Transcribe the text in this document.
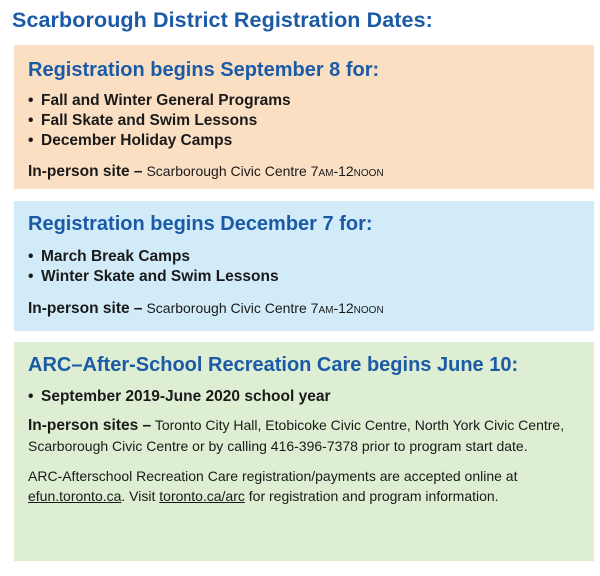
Scarborough District Registration Dates:
Registration begins September 8 for:
• Fall and Winter General Programs
• Fall Skate and Swim Lessons
• December Holiday Camps
In-person site – Scarborough Civic Centre 7AM-12NOON
Registration begins December 7 for:
• March Break Camps
• Winter Skate and Swim Lessons
In-person site – Scarborough Civic Centre 7AM-12NOON
ARC–After-School Recreation Care begins June 10:
• September 2019-June 2020 school year
In-person sites – Toronto City Hall, Etobicoke Civic Centre, North York Civic Centre, Scarborough Civic Centre or by calling 416-396-7378 prior to program start date.
ARC-Afterschool Recreation Care registration/payments are accepted online at efun.toronto.ca. Visit toronto.ca/arc for registration and program information.
